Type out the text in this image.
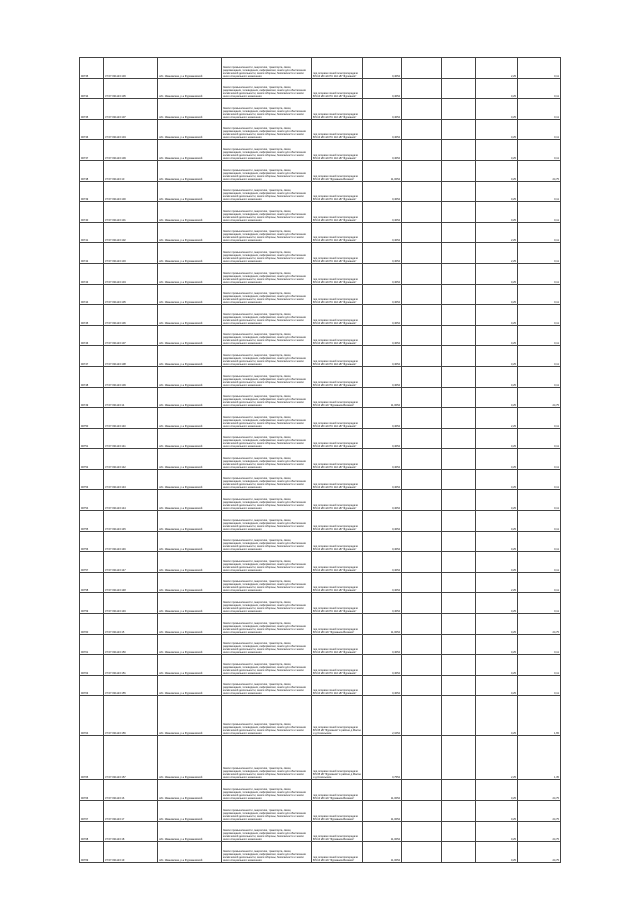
90735	37:07:031123:103	обл. Ивановская, р-н Фурмановский	Земли промышленности, энергетики, транспорта, связи, радиовещания, телевидения, информатики, земли для обеспечения космической деятельности, земли обороны, безопасности и земли иного специального назначения	под опорами линий электропередачи ВЛ-10 кВ №6 ПС 110 кВ "Фурманов"	0,4054			2,25	0,11
90734	37:07:031123:105	обл. Ивановская, р-н Фурмановский	Земли промышленности, энергетики, транспорта, связи, радиовещания, телевидения, информатики, земли для обеспечения космической деятельности, земли обороны, безопасности и земли иного специального назначения	под опорами линий электропередачи ВЛ-10 кВ №6 ПС 110 кВ "Фурманов"	0,4054			0,25	0,11
90735	37:07:031123:107	обл. Ивановская, р-н Фурмановский	Земли промышленности, энергетики, транспорта, связи, радиовещания, телевидения, информатики, земли для обеспечения космической деятельности, земли обороны, безопасности и земли иного специального назначения	под опорами линий электропередачи ВЛ-10 кВ №6 ПС 110 кВ "Фурманов"	0,4054			0,25	0,11
90736	37:07:031123:104	обл. Ивановская, р-н Фурмановский	Земли промышленности, энергетики, транспорта, связи, радиовещания, телевидения, информатики, земли для обеспечения космической деятельности, земли обороны, безопасности и земли иного специального назначения	под опорами линий электропередачи ВЛ-10 кВ №6 ПС 110 кВ "Фурманов"	0,4054			0,25	0,11
90737	37:07:031123:109	обл. Ивановская, р-н Фурмановский	Земли промышленности, энергетики, транспорта, связи, радиовещания, телевидения, информатики, земли для обеспечения космической деятельности, земли обороны, безопасности и земли иного специального назначения	под опорами линий электропередачи ВЛ-10 кВ №6 ПС 110 кВ "Фурманов"	0,4054			0,25	0,11
90738	37:07:031123:10	обл. Ивановская, р-н Фурмановский	Земли промышленности, энергетики, транспорта, связи, радиовещания, телевидения, информатики, земли для обеспечения космической деятельности, земли обороны, безопасности и земли иного специального назначения	под опорами линий электропередачи ВЛ-10 кВ №6 "Фурманов-Ватаево"	11,0054			0,25	24,75
90739	37:07:031123:100	обл. Ивановская, р-н Фурмановский	Земли промышленности, энергетики, транспорта, связи, радиовещания, телевидения, информатики, земли для обеспечения космической деятельности, земли обороны, безопасности и земли иного специального назначения	под опорами линий электропередачи ВЛ-10 кВ №6 ПС 110 кВ "Фурманов"	0,4054			0,25	0,11
90740	37:07:031123:101	обл. Ивановская, р-н Фурмановский	Земли промышленности, энергетики, транспорта, связи, радиовещания, телевидения, информатики, земли для обеспечения космической деятельности, земли обороны, безопасности и земли иного специального назначения	под опорами линий электропередачи ВЛ-10 кВ №6 ПС 110 кВ "Фурманов"	0,4054			0,25	0,11
90741	37:07:031123:102	обл. Ивановская, р-н Фурмановский	Земли промышленности, энергетики, транспорта, связи, радиовещания, телевидения, информатики, земли для обеспечения космической деятельности, земли обороны, безопасности и земли иного специального назначения	под опорами линий электропередачи ВЛ-10 кВ №6 ПС 110 кВ "Фурманов"	0,4054			2,25	0,11
90742	37:07:031123:103	обл. Ивановская, р-н Фурмановский	Земли промышленности, энергетики, транспорта, связи, радиовещания, телевидения, информатики, земли для обеспечения космической деятельности, земли обороны, безопасности и земли иного специального назначения	под опорами линий электропередачи ВЛ-10 кВ №6 ПС 110 кВ "Фурманов"	0,4054			2,25	0,11
90743	37:07:031123:104	обл. Ивановская, р-н Фурмановский	Земли промышленности, энергетики, транспорта, связи, радиовещания, телевидения, информатики, земли для обеспечения космической деятельности, земли обороны, безопасности и земли иного специального назначения	под опорами линий электропередачи ВЛ-10 кВ №6 ПС 110 кВ "Фурманов"	0,4054			0,25	0,11
90744	37:07:031123:105	обл. Ивановская, р-н Фурмановский	Земли промышленности, энергетики, транспорта, связи, радиовещания, телевидения, информатики, земли для обеспечения космической деятельности, земли обороны, безопасности и земли иного специального назначения	под опорами линий электропередачи ВЛ-10 кВ №6 ПС 110 кВ "Фурманов"	0,4054			0,25	0,11
90745	37:07:031123:106	обл. Ивановская, р-н Фурмановский	Земли промышленности, энергетики, транспорта, связи, радиовещания, телевидения, информатики, земли для обеспечения космической деятельности, земли обороны, безопасности и земли иного специального назначения	под опорами линий электропередачи ВЛ-10 кВ №6 ПС 110 кВ "Фурманов"	0,4054			0,25	0,11
90746	37:07:031123:107	обл. Ивановская, р-н Фурмановский	Земли промышленности, энергетики, транспорта, связи, радиовещания, телевидения, информатики, земли для обеспечения космической деятельности, земли обороны, безопасности и земли иного специального назначения	под опорами линий электропередачи ВЛ-10 кВ №6 ПС 110 кВ "Фурманов"	0,4054			0,25	0,11
90747	37:07:031123:108	обл. Ивановская, р-н Фурмановский	Земли промышленности, энергетики, транспорта, связи, радиовещания, телевидения, информатики, земли для обеспечения космической деятельности, земли обороны, безопасности и земли иного специального назначения	под опорами линий электропередачи ВЛ-10 кВ №6 ПС 110 кВ "Фурманов"	0,4054			0,25	0,11
90748	37:07:031123:109	обл. Ивановская, р-н Фурмановский	Земли промышленности, энергетики, транспорта, связи, радиовещания, телевидения, информатики, земли для обеспечения космической деятельности, земли обороны, безопасности и земли иного специального назначения	под опорами линий электропередачи ВЛ-10 кВ №6 ПС 110 кВ "Фурманов"	0,4054			0,25	0,11
90749	37:07:031123:14	обл. Ивановская, р-н Фурмановский	Земли промышленности, энергетики, транспорта, связи, радиовещания, телевидения, информатики, земли для обеспечения космической деятельности, земли обороны, безопасности и земли иного специального назначения	под опорами линий электропередачи ВЛ-10 кВ №6 "Фурманов-Ватаево"	11,0054			0,25	24,75
90750	37:07:031123:140	обл. Ивановская, р-н Фурмановский	Земли промышленности, энергетики, транспорта, связи, радиовещания, телевидения, информатики, земли для обеспечения космической деятельности, земли обороны, безопасности и земли иного специального назначения	под опорами линий электропередачи ВЛ-10 кВ №6 ПС 110 кВ "Фурманов"	0,4054			2,25	0,11
90751	37:07:031123:141	обл. Ивановская, р-н Фурмановский	Земли промышленности, энергетики, транспорта, связи, радиовещания, телевидения, информатики, земли для обеспечения космической деятельности, земли обороны, безопасности и земли иного специального назначения	под опорами линий электропередачи ВЛ-10 кВ №6 ПС 110 кВ "Фурманов"	0,4054			0,25	0,11
90752	37:07:031123:142	обл. Ивановская, р-н Фурмановский	Земли промышленности, энергетики, транспорта, связи, радиовещания, телевидения, информатики, земли для обеспечения космической деятельности, земли обороны, безопасности и земли иного специального назначения	под опорами линий электропередачи ВЛ-10 кВ №6 ПС 110 кВ "Фурманов"	0,4054			0,25	0,11
90753	37:07:031123:143	обл. Ивановская, р-н Фурмановский	Земли промышленности, энергетики, транспорта, связи, радиовещания, телевидения, информатики, земли для обеспечения космической деятельности, земли обороны, безопасности и земли иного специального назначения	под опорами линий электропередачи ВЛ-10 кВ №6 ПС 110 кВ "Фурманов"	0,4054			0,25	0,11
90754	37:07:031123:144	обл. Ивановская, р-н Фурмановский	Земли промышленности, энергетики, транспорта, связи, радиовещания, телевидения, информатики, земли для обеспечения космической деятельности, земли обороны, безопасности и земли иного специального назначения	под опорами линий электропередачи ВЛ-10 кВ №6 ПС 110 кВ "Фурманов"	0,4054			0,25	0,11
90755	37:07:031123:145	обл. Ивановская, р-н Фурмановский	Земли промышленности, энергетики, транспорта, связи, радиовещания, телевидения, информатики, земли для обеспечения космической деятельности, земли обороны, безопасности и земли иного специального назначения	под опорами линий электропередачи ВЛ-10 кВ №6 ПС 110 кВ "Фурманов"	0,4054			0,25	0,11
90756	37:07:031123:146	обл. Ивановская, р-н Фурмановский	Земли промышленности, энергетики, транспорта, связи, радиовещания, телевидения, информатики, земли для обеспечения космической деятельности, земли обороны, безопасности и земли иного специального назначения	под опорами линий электропередачи ВЛ-10 кВ №6 ПС 110 кВ "Фурманов"	0,4054			0,25	0,11
90757	37:07:031123:147	обл. Ивановская, р-н Фурмановский	Земли промышленности, энергетики, транспорта, связи, радиовещания, телевидения, информатики, земли для обеспечения космической деятельности, земли обороны, безопасности и земли иного специального назначения	под опорами линий электропередачи ВЛ-10 кВ №6 ПС 110 кВ "Фурманов"	0,4054			0,25	0,11
90758	37:07:031123:148	обл. Ивановская, р-н Фурмановский	Земли промышленности, энергетики, транспорта, связи, радиовещания, телевидения, информатики, земли для обеспечения космической деятельности, земли обороны, безопасности и земли иного специального назначения	под опорами линий электропередачи ВЛ-10 кВ №6 ПС 110 кВ "Фурманов"	0,4054			2,25	0,11
90759	37:07:031123:149	обл. Ивановская, р-н Фурмановский	Земли промышленности, энергетики, транспорта, связи, радиовещания, телевидения, информатики, земли для обеспечения космической деятельности, земли обороны, безопасности и земли иного специального назначения	под опорами линий электропередачи ВЛ-10 кВ №6 ПС 110 кВ "Фурманов"	0,4054			0,25	0,11
90760	37:07:031123:15	обл. Ивановская, р-н Фурмановский	Земли промышленности, энергетики, транспорта, связи, радиовещания, телевидения, информатики, земли для обеспечения космической деятельности, земли обороны, безопасности и земли иного специального назначения	под опорами линий электропередачи ВЛ-10 кВ №6 "Фурманов-Ватаево"	11,0054			0,25	24,75
90761	37:07:031123:150	обл. Ивановская, р-н Фурмановский	Земли промышленности, энергетики, транспорта, связи, радиовещания, телевидения, информатики, земли для обеспечения космической деятельности, земли обороны, безопасности и земли иного специального назначения	под опорами линий электропередачи ВЛ-10 кВ №6 ПС 110 кВ "Фурманов"	0,4054			0,25	0,11
90762	37:07:031123:151	обл. Ивановская, р-н Фурмановский	Земли промышленности, энергетики, транспорта, связи, радиовещания, телевидения, информатики, земли для обеспечения космической деятельности, земли обороны, безопасности и земли иного специального назначения	под опорами линий электропередачи ВЛ-10 кВ №6 ПС 110 кВ "Фурманов"	0,4054			0,25	0,11
90763	37:07:031123:155	обл. Ивановская, р-н Фурмановский	Земли промышленности, энергетики, транспорта, связи, радиовещания, телевидения, информатики, земли для обеспечения космической деятельности, земли обороны, безопасности и земли иного специального назначения	под опорами линий электропередачи ВЛ-10 кВ №6 ПС 110 кВ "Фурманов"	0,4054			0,25	0,11
90764	37:07:031123:156	обл. Ивановская, р-н Фурмановский	Земли промышленности, энергетики, транспорта, связи, радиовещания, телевидения, информатики, земли для обеспечения космической деятельности, земли обороны, безопасности и земли иного специального назначения	под опорами линий электропередачи ВЛ-35 кВ "Фурманов" в районе д.Малое и д.Сокольское	2,1054			0,25	1,65
90765	37:07:031123:157	обл. Ивановская, р-н Фурмановский	Земли промышленности, энергетики, транспорта, связи, радиовещания, телевидения, информатики, земли для обеспечения космической деятельности, земли обороны, безопасности и земли иного специального назначения	под опорами линий электропередачи ВЛ-35 кВ "Фурманов" в районе д.Малое и д.Сокольское	0,7554			2,25	1,35
90766	37:07:031123:16	обл. Ивановская, р-н Фурмановский	Земли промышленности, энергетики, транспорта, связи, радиовещания, телевидения, информатики, земли для обеспечения космической деятельности, земли обороны, безопасности и земли иного специального назначения	под опорами линий электропередачи ВЛ-10 кВ №6 "Фурманов-Ватаево"	11,0054			0,25	24,75
90767	37:07:031123:17	обл. Ивановская, р-н Фурмановский	Земли промышленности, энергетики, транспорта, связи, радиовещания, телевидения, информатики, земли для обеспечения космической деятельности, земли обороны, безопасности и земли иного специального назначения	под опорами линий электропередачи ВЛ-10 кВ №6 "Фурманов-Ватаево"	11,0054			0,25	24,75
90768	37:07:031123:18	обл. Ивановская, р-н Фурмановский	Земли промышленности, энергетики, транспорта, связи, радиовещания, телевидения, информатики, земли для обеспечения космической деятельности, земли обороны, безопасности и земли иного специального назначения	под опорами линий электропередачи ВЛ-10 кВ №6 "Фурманов-Ватаево"	11,0054			0,25	24,75
90769	37:07:031123:19	обл. Ивановская, р-н Фурмановский	Земли промышленности, энергетики, транспорта, связи, радиовещания, телевидения, информатики, земли для обеспечения космической деятельности, земли обороны, безопасности и земли иного специального назначения	под опорами линий электропередачи ВЛ-10 кВ №6 "Фурманов-Ватаево"	11,0054			0,25	24,75
